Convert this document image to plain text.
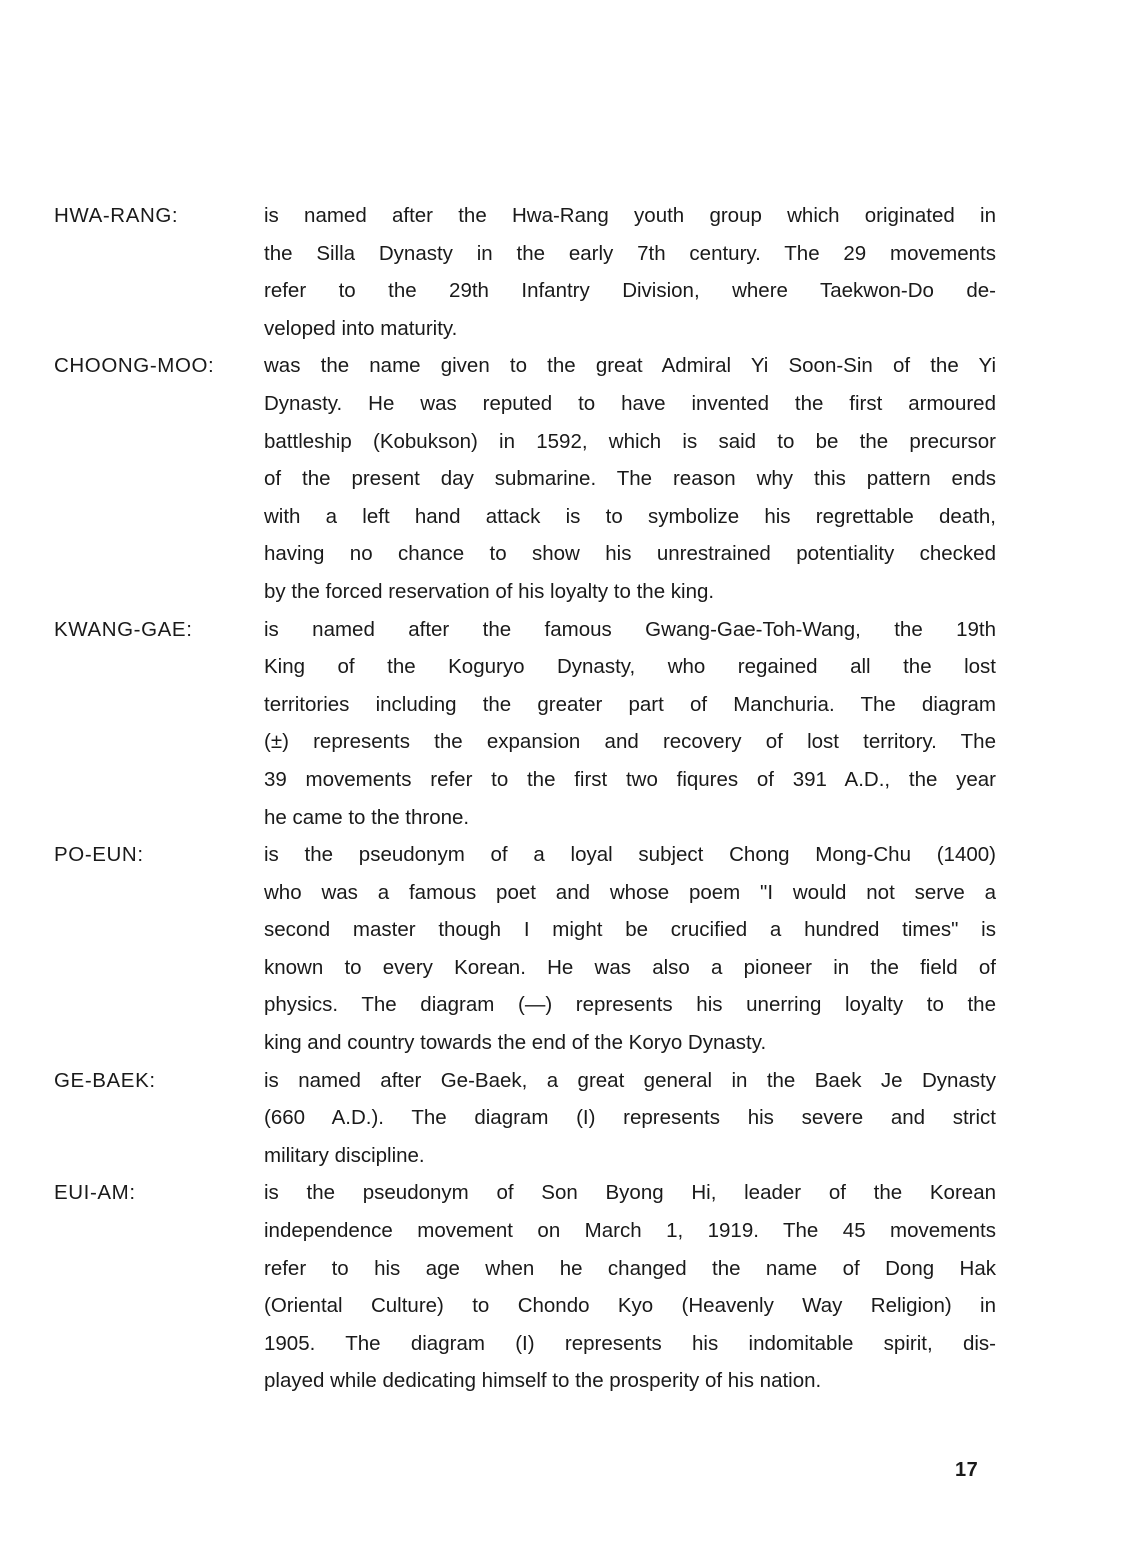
HWA-RANG:	is named after the Hwa-Rang youth group which originated in
the Silla Dynasty in the early 7th century. The 29 movements
refer to the 29th Infantry Division, where Taekwon-Do de-
veloped into maturity.
CHOONG-MOO:	was the name given to the great Admiral Yi Soon-Sin of the Yi
Dynasty. He was reputed to have invented the first armoured
battleship (Kobukson) in 1592, which is said to be the precursor
of the present day submarine. The reason why this pattern ends
with a left hand attack is to symbolize his regrettable death,
having no chance to show his unrestrained potentiality checked
by the forced reservation of his loyalty to the king.
KWANG-GAE:	is named after the famous Gwang-Gae-Toh-Wang, the 19th
King of the Koguryo Dynasty, who regained all the lost
territories including the greater part of Manchuria. The diagram
(±) represents the expansion and recovery of lost territory. The
39 movements refer to the first two fiqures of 391 A.D., the year
he came to the throne.
PO-EUN:	is the pseudonym of a loyal subject Chong Mong-Chu (1400)
who was a famous poet and whose poem "I would not serve a
second master though I might be crucified a hundred times" is
known to every Korean. He was also a pioneer in the field of
physics. The diagram (—) represents his unerring loyalty to the
king and country towards the end of the Koryo Dynasty.
GE-BAEK:	is named after Ge-Baek, a great general in the Baek Je Dynasty
(660 A.D.). The diagram (I) represents his severe and strict
military discipline.
EUI-AM:	is the pseudonym of Son Byong Hi, leader of the Korean
independence movement on March 1, 1919. The 45 movements
refer to his age when he changed the name of Dong Hak
(Oriental Culture) to Chondo Kyo (Heavenly Way Religion) in
1905. The diagram (I) represents his indomitable spirit, dis-
played while dedicating himself to the prosperity of his nation.
17
